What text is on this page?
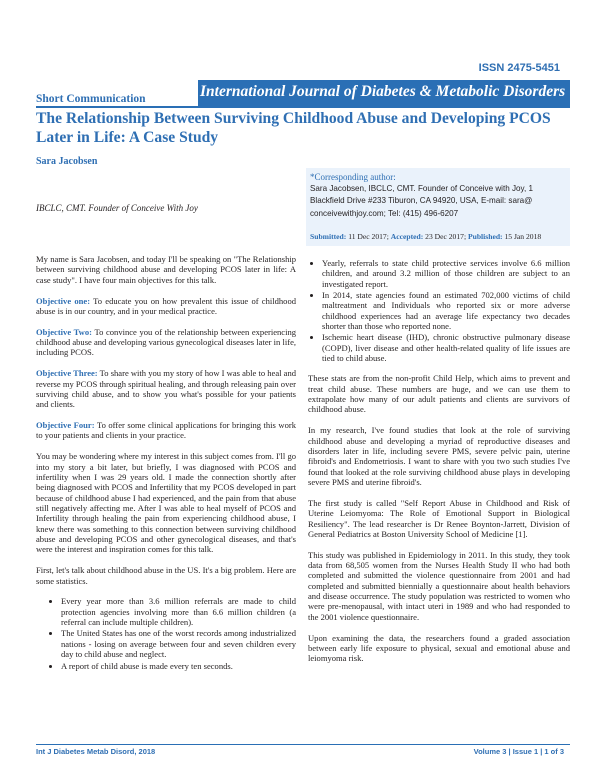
ISSN 2475-5451
International Journal of Diabetes & Metabolic Disorders
Short Communication
The Relationship Between Surviving Childhood Abuse and Developing PCOS Later in Life: A Case Study
Sara Jacobsen
IBCLC, CMT. Founder of Conceive With Joy
*Corresponding author:
Sara Jacobsen, IBCLC, CMT. Founder of Conceive with Joy, 1 Blackfield Drive #233 Tiburon, CA 94920, USA, E-mail: sara@ conceivewithjoy.com; Tel: (415) 496-6207
Submitted: 11 Dec 2017; Accepted: 23 Dec 2017; Published: 15 Jan 2018

My name is Sara Jacobsen, and today I'll be speaking on "The Relationship between surviving childhood abuse and developing PCOS later in life: A case study". I have four main objectives for this talk.

Objective one: To educate you on how prevalent this issue of childhood abuse is in our country, and in your medical practice.

Objective Two: To convince you of the relationship between experiencing childhood abuse and developing various gynecological diseases later in life, including PCOS.

Objective Three: To share with you my story of how I was able to heal and reverse my PCOS through spiritual healing, and through releasing pain over surviving child abuse, and to show you what's possible for your patients and clients.

Objective Four: To offer some clinical applications for bringing this work to your patients and clients in your practice.

You may be wondering where my interest in this subject comes from. I'll go into my story a bit later, but briefly, I was diagnosed with PCOS and infertility when I was 29 years old. I made the connection shortly after being diagnosed with PCOS and Infertility that my PCOS developed in part because of childhood abuse I had experienced, and the pain from that abuse still negatively affecting me. After I was able to heal myself of PCOS and Infertility through healing the pain from experiencing childhood abuse, I knew there was something to this connection between surviving childhood abuse and developing PCOS and other gynecological diseases, and that's were the interest and inspiration comes for this talk.

First, let's talk about childhood abuse in the US. It's a big problem. Here are some statistics.

• Every year more than 3.6 million referrals are made to child protection agencies involving more than 6.6 million children (a referral can include multiple children).
• The United States has one of the worst records among industrialized nations - losing on average between four and seven children every day to child abuse and neglect.
• A report of child abuse is made every ten seconds.
• Yearly, referrals to state child protective services involve 6.6 million children, and around 3.2 million of those children are subject to an investigated report.
• In 2014, state agencies found an estimated 702,000 victims of child maltreatment and Individuals who reported six or more adverse childhood experiences had an average life expectancy two decades shorter than those who reported none.
• Ischemic heart disease (IHD), chronic obstructive pulmonary disease (COPD), liver disease and other health-related quality of life issues are tied to child abuse.

These stats are from the non-profit Child Help, which aims to prevent and treat child abuse. These numbers are huge, and we can use them to extrapolate how many of our adult patients and clients are survivors of childhood abuse.

In my research, I've found studies that look at the role of surviving childhood abuse and developing a myriad of reproductive diseases and disorders later in life, including severe PMS, severe pelvic pain, uterine fibroid's and Endometriosis. I want to share with you two such studies I've found that looked at the role surviving childhood abuse plays in developing severe PMS and uterine fibroid's.

The first study is called "Self Report Abuse in Childhood and Risk of Uterine Leiomyoma: The Role of Emotional Support in Biological Resiliency". The lead researcher is Dr Renee Boynton-Jarrett, Division of General Pediatrics at Boston University School of Medicine [1].

This study was published in Epidemiology in 2011. In this study, they took data from 68,505 women from the Nurses Health Study II who had both completed and submitted the violence questionnaire from 2001 and had completed and submitted biennially a questionnaire about health behaviors and disease occurrence. The study population was restricted to women who were pre-menopausal, with intact uteri in 1989 and who had responded to the 2001 violence questionnaire.

Upon examining the data, the researchers found a graded association between early life exposure to physical, sexual and emotional abuse and leiomyoma risk.

Int J Diabetes Metab Disord, 2018	Volume 3 | Issue 1 | 1 of 3
